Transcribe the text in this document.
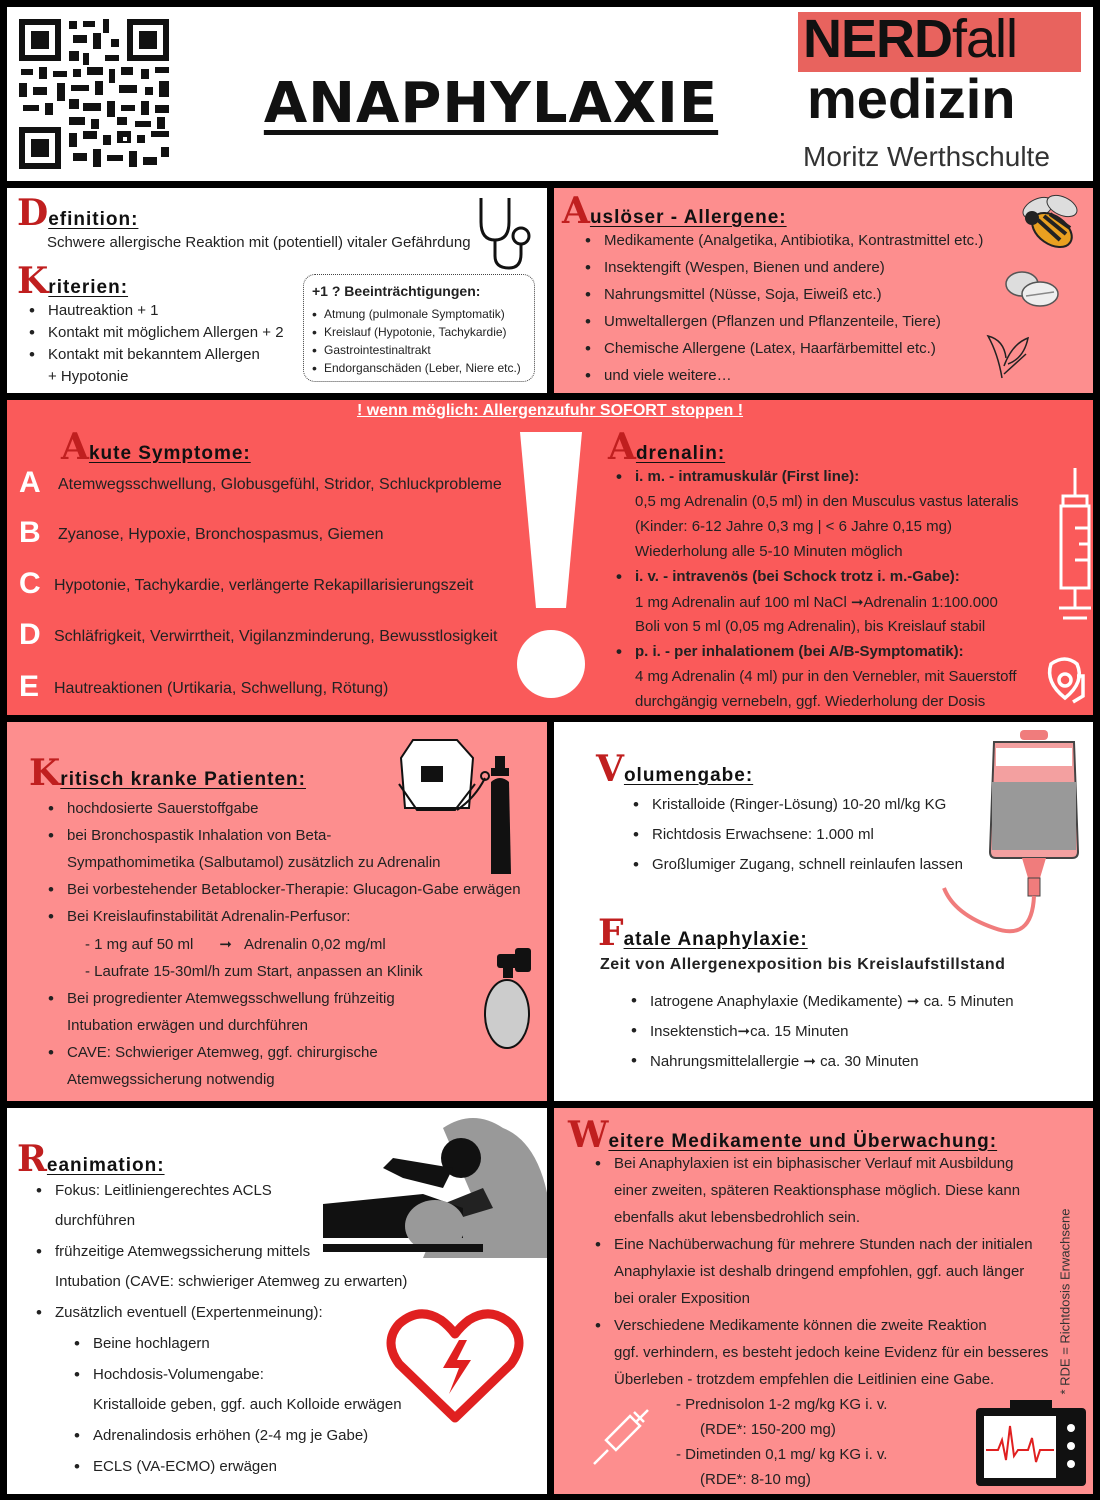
ANAPHYLAXIE
NERDfall
medizin
Moritz Werthschulte
Definition:
Schwere allergische Reaktion mit (potentiell) vitaler Gefährdung
Kriterien:
• Hautreaktion + 1
• Kontakt mit möglichem Allergen + 2
• Kontakt mit bekanntem Allergen
+ Hypotonie
+1 ? Beeinträchtigungen:
• Atmung (pulmonale Symptomatik)
• Kreislauf (Hypotonie, Tachykardie)
• Gastrointestinaltrakt
• Endorganschäden (Leber, Niere etc.)
Auslöser - Allergene:
• Medikamente (Analgetika, Antibiotika, Kontrastmittel etc.)
• Insektengift (Wespen, Bienen und andere)
• Nahrungsmittel (Nüsse, Soja, Eiweiß etc.)
• Umweltallergen (Pflanzen und Pflanzenteile, Tiere)
• Chemische Allergene (Latex, Haarfärbemittel etc.)
• und viele weitere…
! wenn möglich: Allergenzufuhr SOFORT stoppen !
Akute Symptome:
A Atemwegsschwellung, Globusgefühl, Stridor, Schluckprobleme
B Zyanose, Hypoxie, Bronchospasmus, Giemen
C Hypotonie, Tachykardie, verlängerte Rekapillarisierungszeit
D Schläfrigkeit, Verwirrtheit, Vigilanzminderung, Bewusstlosigkeit
E Hautreaktionen (Urtikaria, Schwellung, Rötung)
Adrenalin:
• i. m. - intramuskulär (First line):
0,5 mg Adrenalin (0,5 ml) in den Musculus vastus lateralis
(Kinder: 6-12 Jahre 0,3 mg | < 6 Jahre 0,15 mg)
Wiederholung alle 5-10 Minuten möglich
• i. v. - intravenös (bei Schock trotz i. m.-Gabe):
1 mg Adrenalin auf 100 ml NaCl ➞Adrenalin 1:100.000
Boli von 5 ml (0,05 mg Adrenalin), bis Kreislauf stabil
• p. i. - per inhalationem (bei A/B-Symptomatik):
4 mg Adrenalin (4 ml) pur in den Vernebler, mit Sauerstoff
durchgängig vernebeln, ggf. Wiederholung der Dosis
Kritisch kranke Patienten:
• hochdosierte Sauerstoffgabe
• bei Bronchospastik Inhalation von Beta-
Sympathomimetika (Salbutamol) zusätzlich zu Adrenalin
• Bei vorbestehender Betablocker-Therapie: Glucagon-Gabe erwägen
• Bei Kreislaufinstabilität Adrenalin-Perfusor:
- 1 mg auf 50 ml ➞ Adrenalin 0,02 mg/ml
- Laufrate 15-30ml/h zum Start, anpassen an Klinik
• Bei progredienter Atemwegsschwellung frühzeitig
Intubation erwägen und durchführen
• CAVE: Schwieriger Atemweg, ggf. chirurgische
Atemwegssicherung notwendig
Volumengabe:
• Kristalloide (Ringer-Lösung) 10-20 ml/kg KG
• Richtdosis Erwachsene: 1.000 ml
• Großlumiger Zugang, schnell reinlaufen lassen
Fatale Anaphylaxie:
Zeit von Allergenexposition bis Kreislaufstillstand
• Iatrogene Anaphylaxie (Medikamente) ➞ ca. 5 Minuten
• Insektenstich➞ca. 15 Minuten
• Nahrungsmittelallergie ➞ ca. 30 Minuten
Reanimation:
• Fokus: Leitliniengerechtes ACLS
durchführen
• frühzeitige Atemwegssicherung mittels
Intubation (CAVE: schwieriger Atemweg zu erwarten)
• Zusätzlich eventuell (Expertenmeinung):
• Beine hochlagern
• Hochdosis-Volumengabe:
Kristalloide geben, ggf. auch Kolloide erwägen
• Adrenalindosis erhöhen (2-4 mg je Gabe)
• ECLS (VA-ECMO) erwägen
Weitere Medikamente und Überwachung:
• Bei Anaphylaxien ist ein biphasischer Verlauf mit Ausbildung
einer zweiten, späteren Reaktionsphase möglich. Diese kann
ebenfalls akut lebensbedrohlich sein.
• Eine Nachüberwachung für mehrere Stunden nach der initialen
Anaphylaxie ist deshalb dringend empfohlen, ggf. auch länger
bei oraler Exposition
• Verschiedene Medikamente können die zweite Reaktion
ggf. verhindern, es besteht jedoch keine Evidenz für ein besseres
Überleben - trotzdem empfehlen die Leitlinien eine Gabe.
- Prednisolon 1-2 mg/kg KG i. v.
(RDE*: 150-200 mg)
- Dimetinden 0,1 mg/ kg KG i. v.
(RDE*: 8-10 mg)
* RDE = Richtdosis Erwachsene
